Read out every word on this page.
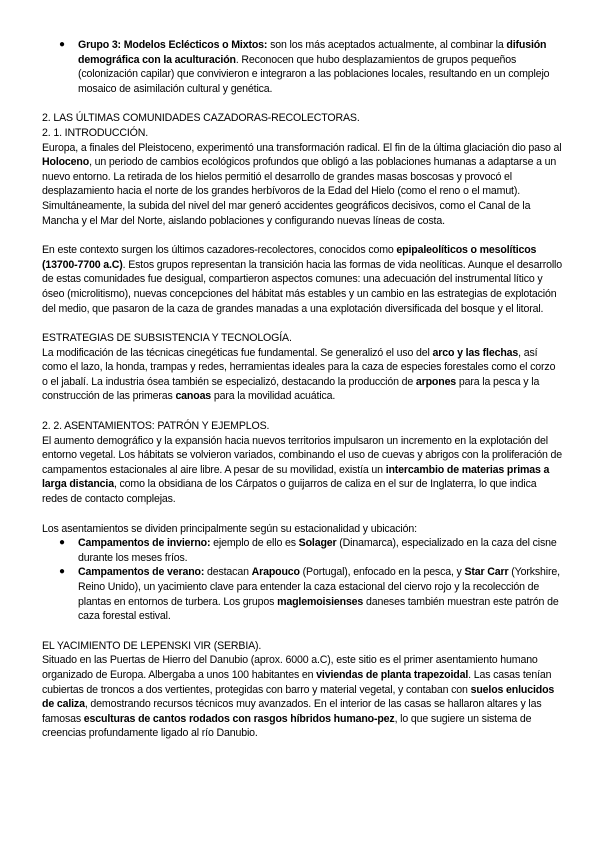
● Grupo 3: Modelos Eclécticos o Mixtos: son los más aceptados actualmente, al combinar la difusión demográfica con la aculturación. Reconocen que hubo desplazamientos de grupos pequeños (colonización capilar) que convivieron e integraron a las poblaciones locales, resultando en un complejo mosaico de asimilación cultural y genética.

2. LAS ÚLTIMAS COMUNIDADES CAZADORAS-RECOLECTORAS.

2. 1. INTRODUCCIÓN.

Europa, a finales del Pleistoceno, experimentó una transformación radical. El fin de la última glaciación dio paso al Holoceno, un periodo de cambios ecológicos profundos que obligó a las poblaciones humanas a adaptarse a un nuevo entorno. La retirada de los hielos permitió el desarrollo de grandes masas boscosas y provocó el desplazamiento hacia el norte de los grandes herbívoros de la Edad del Hielo (como el reno o el mamut). Simultáneamente, la subida del nivel del mar generó accidentes geográficos decisivos, como el Canal de la Mancha y el Mar del Norte, aislando poblaciones y configurando nuevas líneas de costa.

En este contexto surgen los últimos cazadores-recolectores, conocidos como epipaleolíticos o mesolíticos (13700-7700 a.C). Estos grupos representan la transición hacia las formas de vida neolíticas. Aunque el desarrollo de estas comunidades fue desigual, compartieron aspectos comunes: una adecuación del instrumental lítico y óseo (microlitismo), nuevas concepciones del hábitat más estables y un cambio en las estrategias de explotación del medio, que pasaron de la caza de grandes manadas a una explotación diversificada del bosque y el litoral.

ESTRATEGIAS DE SUBSISTENCIA Y TECNOLOGÍA.

La modificación de las técnicas cinegéticas fue fundamental. Se generalizó el uso del arco y las flechas, así como el lazo, la honda, trampas y redes, herramientas ideales para la caza de especies forestales como el corzo o el jabalí. La industria ósea también se especializó, destacando la producción de arpones para la pesca y la construcción de las primeras canoas para la movilidad acuática.

2. 2. ASENTAMIENTOS: PATRÓN Y EJEMPLOS.

El aumento demográfico y la expansión hacia nuevos territorios impulsaron un incremento en la explotación del entorno vegetal. Los hábitats se volvieron variados, combinando el uso de cuevas y abrigos con la proliferación de campamentos estacionales al aire libre. A pesar de su movilidad, existía un intercambio de materias primas a larga distancia, como la obsidiana de los Cárpatos o guijarros de caliza en el sur de Inglaterra, lo que indica redes de contacto complejas.

Los asentamientos se dividen principalmente según su estacionalidad y ubicación:

● Campamentos de invierno: ejemplo de ello es Solager (Dinamarca), especializado en la caza del cisne durante los meses fríos.

● Campamentos de verano: destacan Arapouco (Portugal), enfocado en la pesca, y Star Carr (Yorkshire, Reino Unido), un yacimiento clave para entender la caza estacional del ciervo rojo y la recolección de plantas en entornos de turbera. Los grupos maglemoisienses daneses también muestran este patrón de caza forestal estival.

EL YACIMIENTO DE LEPENSKI VIR (SERBIA).

Situado en las Puertas de Hierro del Danubio (aprox. 6000 a.C), este sitio es el primer asentamiento humano organizado de Europa. Albergaba a unos 100 habitantes en viviendas de planta trapezoidal. Las casas tenían cubiertas de troncos a dos vertientes, protegidas con barro y material vegetal, y contaban con suelos enlucidos de caliza, demostrando recursos técnicos muy avanzados. En el interior de las casas se hallaron altares y las famosas esculturas de cantos rodados con rasgos híbridos humano-pez, lo que sugiere un sistema de creencias profundamente ligado al río Danubio.
